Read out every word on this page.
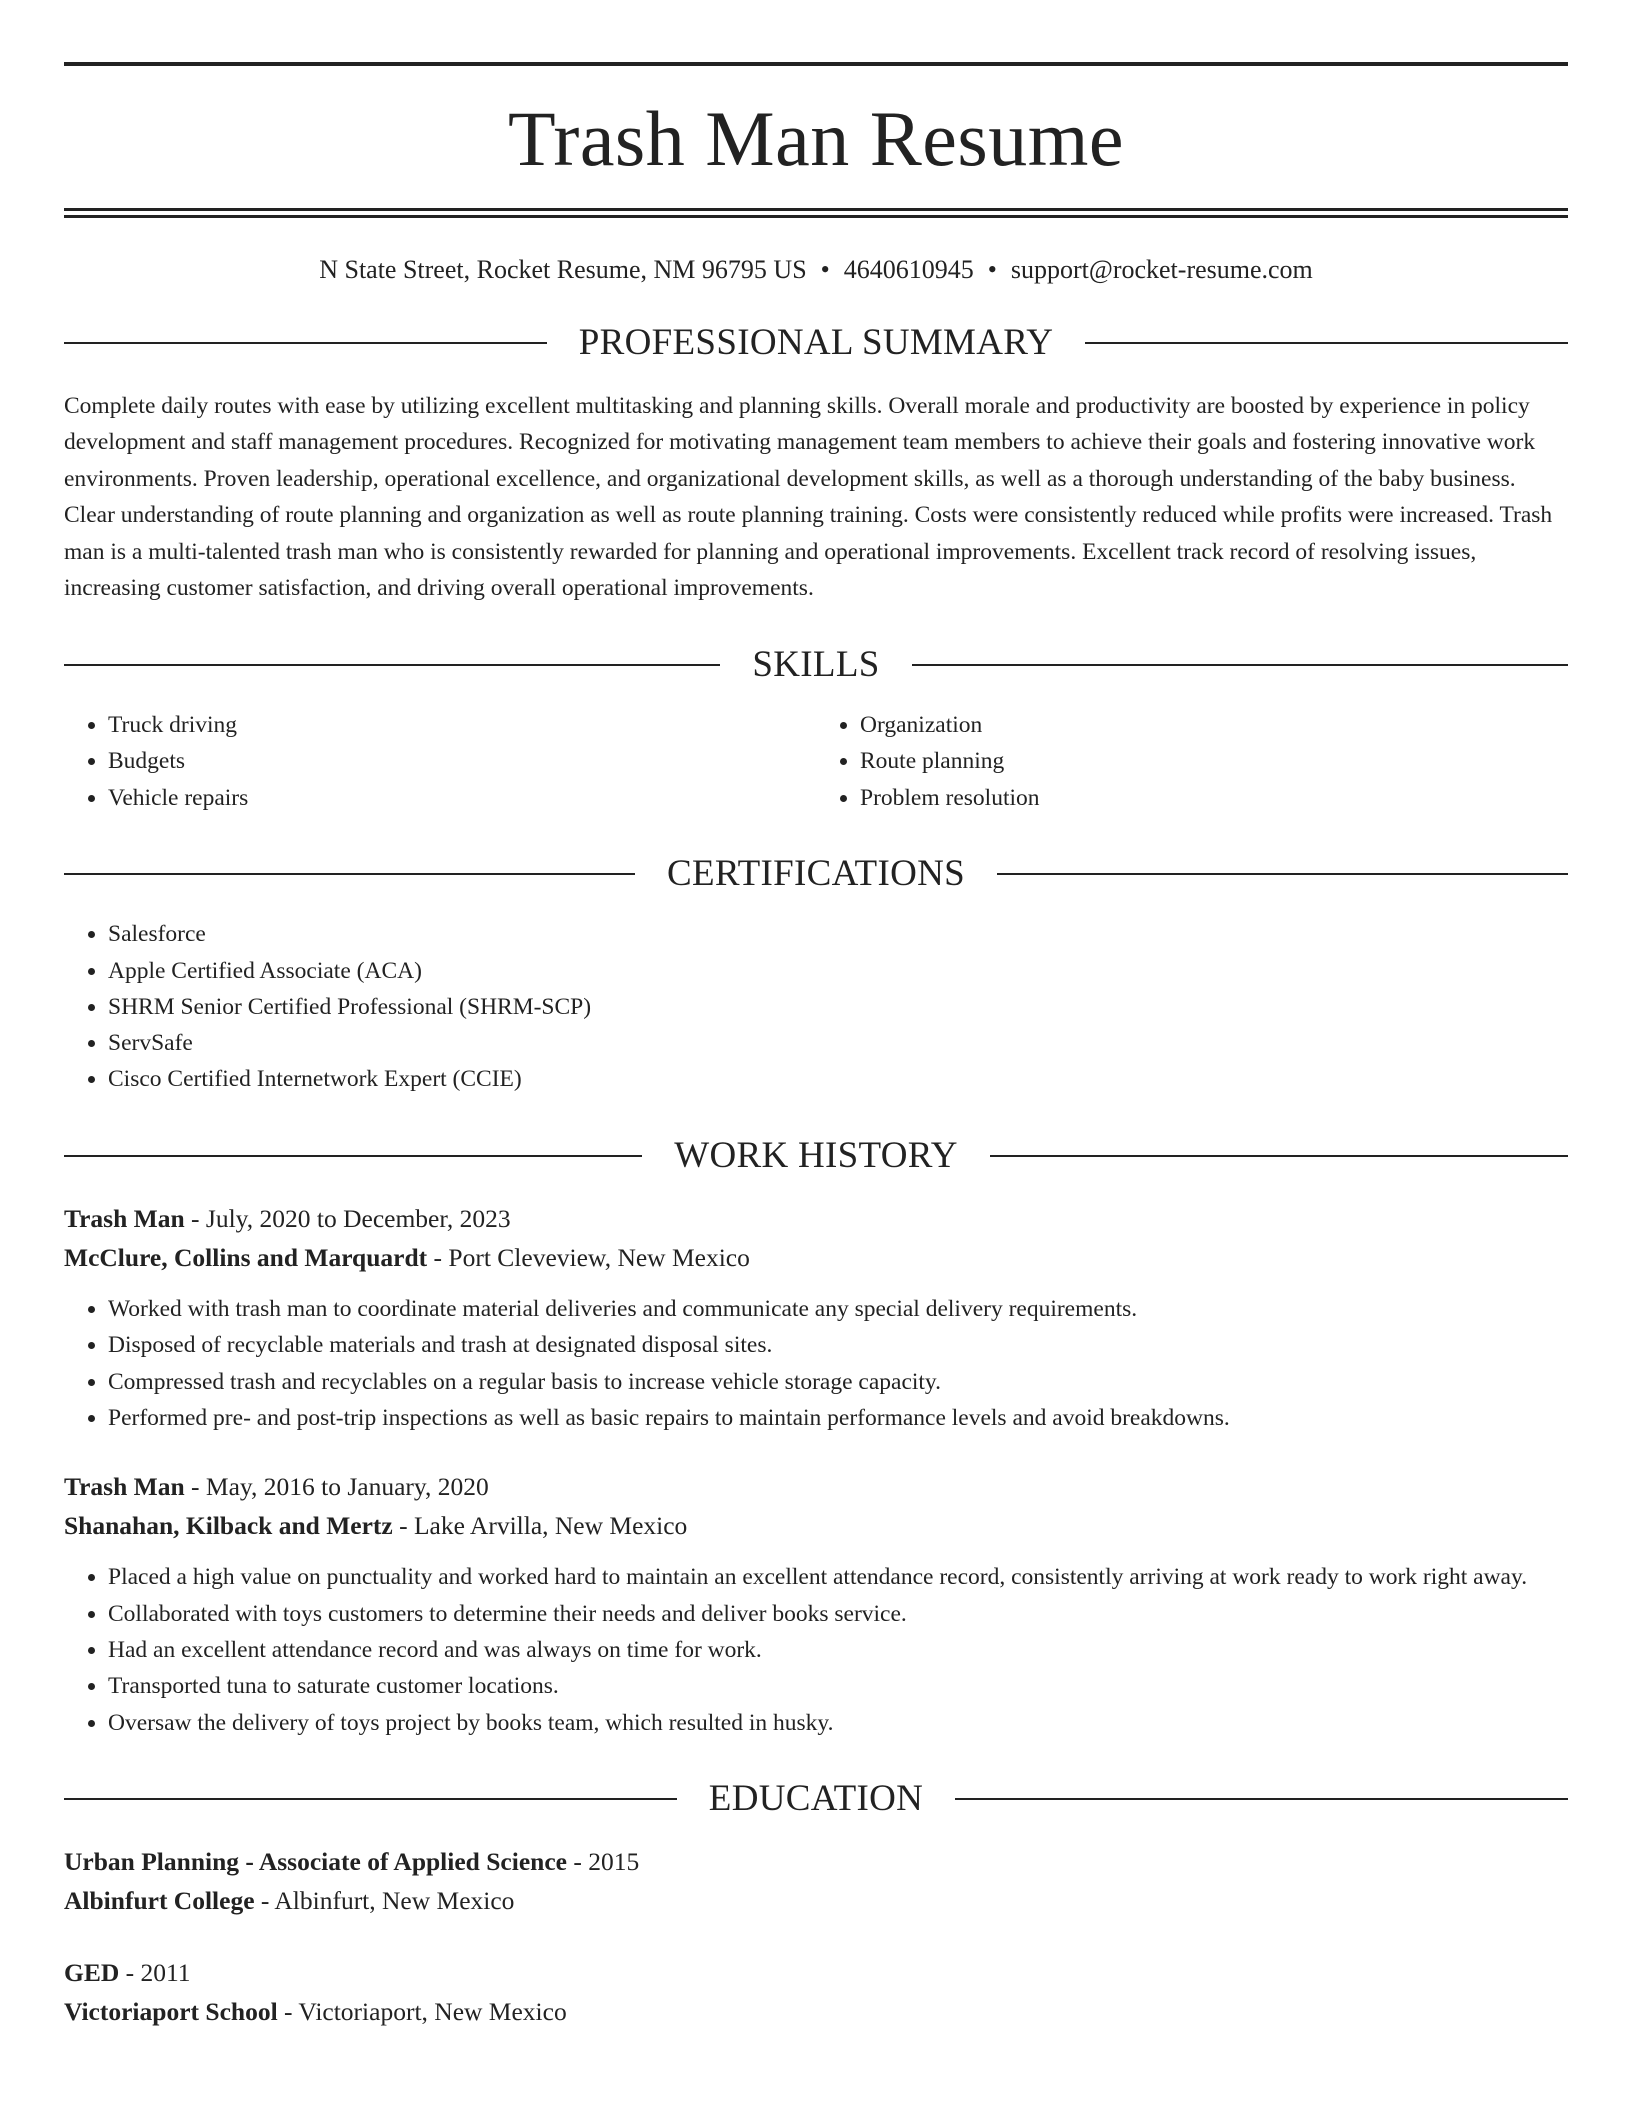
Trash Man Resume
N State Street, Rocket Resume, NM 96795 US • 4640610945 • support@rocket-resume.com
PROFESSIONAL SUMMARY
Complete daily routes with ease by utilizing excellent multitasking and planning skills. Overall morale and productivity are boosted by experience in policy development and staff management procedures. Recognized for motivating management team members to achieve their goals and fostering innovative work environments. Proven leadership, operational excellence, and organizational development skills, as well as a thorough understanding of the baby business. Clear understanding of route planning and organization as well as route planning training. Costs were consistently reduced while profits were increased. Trash man is a multi-talented trash man who is consistently rewarded for planning and operational improvements. Excellent track record of resolving issues, increasing customer satisfaction, and driving overall operational improvements.
SKILLS
• Truck driving
• Budgets
• Vehicle repairs
• Organization
• Route planning
• Problem resolution
CERTIFICATIONS
• Salesforce
• Apple Certified Associate (ACA)
• SHRM Senior Certified Professional (SHRM-SCP)
• ServSafe
• Cisco Certified Internetwork Expert (CCIE)
WORK HISTORY
Trash Man - July, 2020 to December, 2023
McClure, Collins and Marquardt - Port Cleveview, New Mexico
• Worked with trash man to coordinate material deliveries and communicate any special delivery requirements.
• Disposed of recyclable materials and trash at designated disposal sites.
• Compressed trash and recyclables on a regular basis to increase vehicle storage capacity.
• Performed pre- and post-trip inspections as well as basic repairs to maintain performance levels and avoid breakdowns.
Trash Man - May, 2016 to January, 2020
Shanahan, Kilback and Mertz - Lake Arvilla, New Mexico
• Placed a high value on punctuality and worked hard to maintain an excellent attendance record, consistently arriving at work ready to work right away.
• Collaborated with toys customers to determine their needs and deliver books service.
• Had an excellent attendance record and was always on time for work.
• Transported tuna to saturate customer locations.
• Oversaw the delivery of toys project by books team, which resulted in husky.
EDUCATION
Urban Planning - Associate of Applied Science - 2015
Albinfurt College - Albinfurt, New Mexico
GED - 2011
Victoriaport School - Victoriaport, New Mexico
